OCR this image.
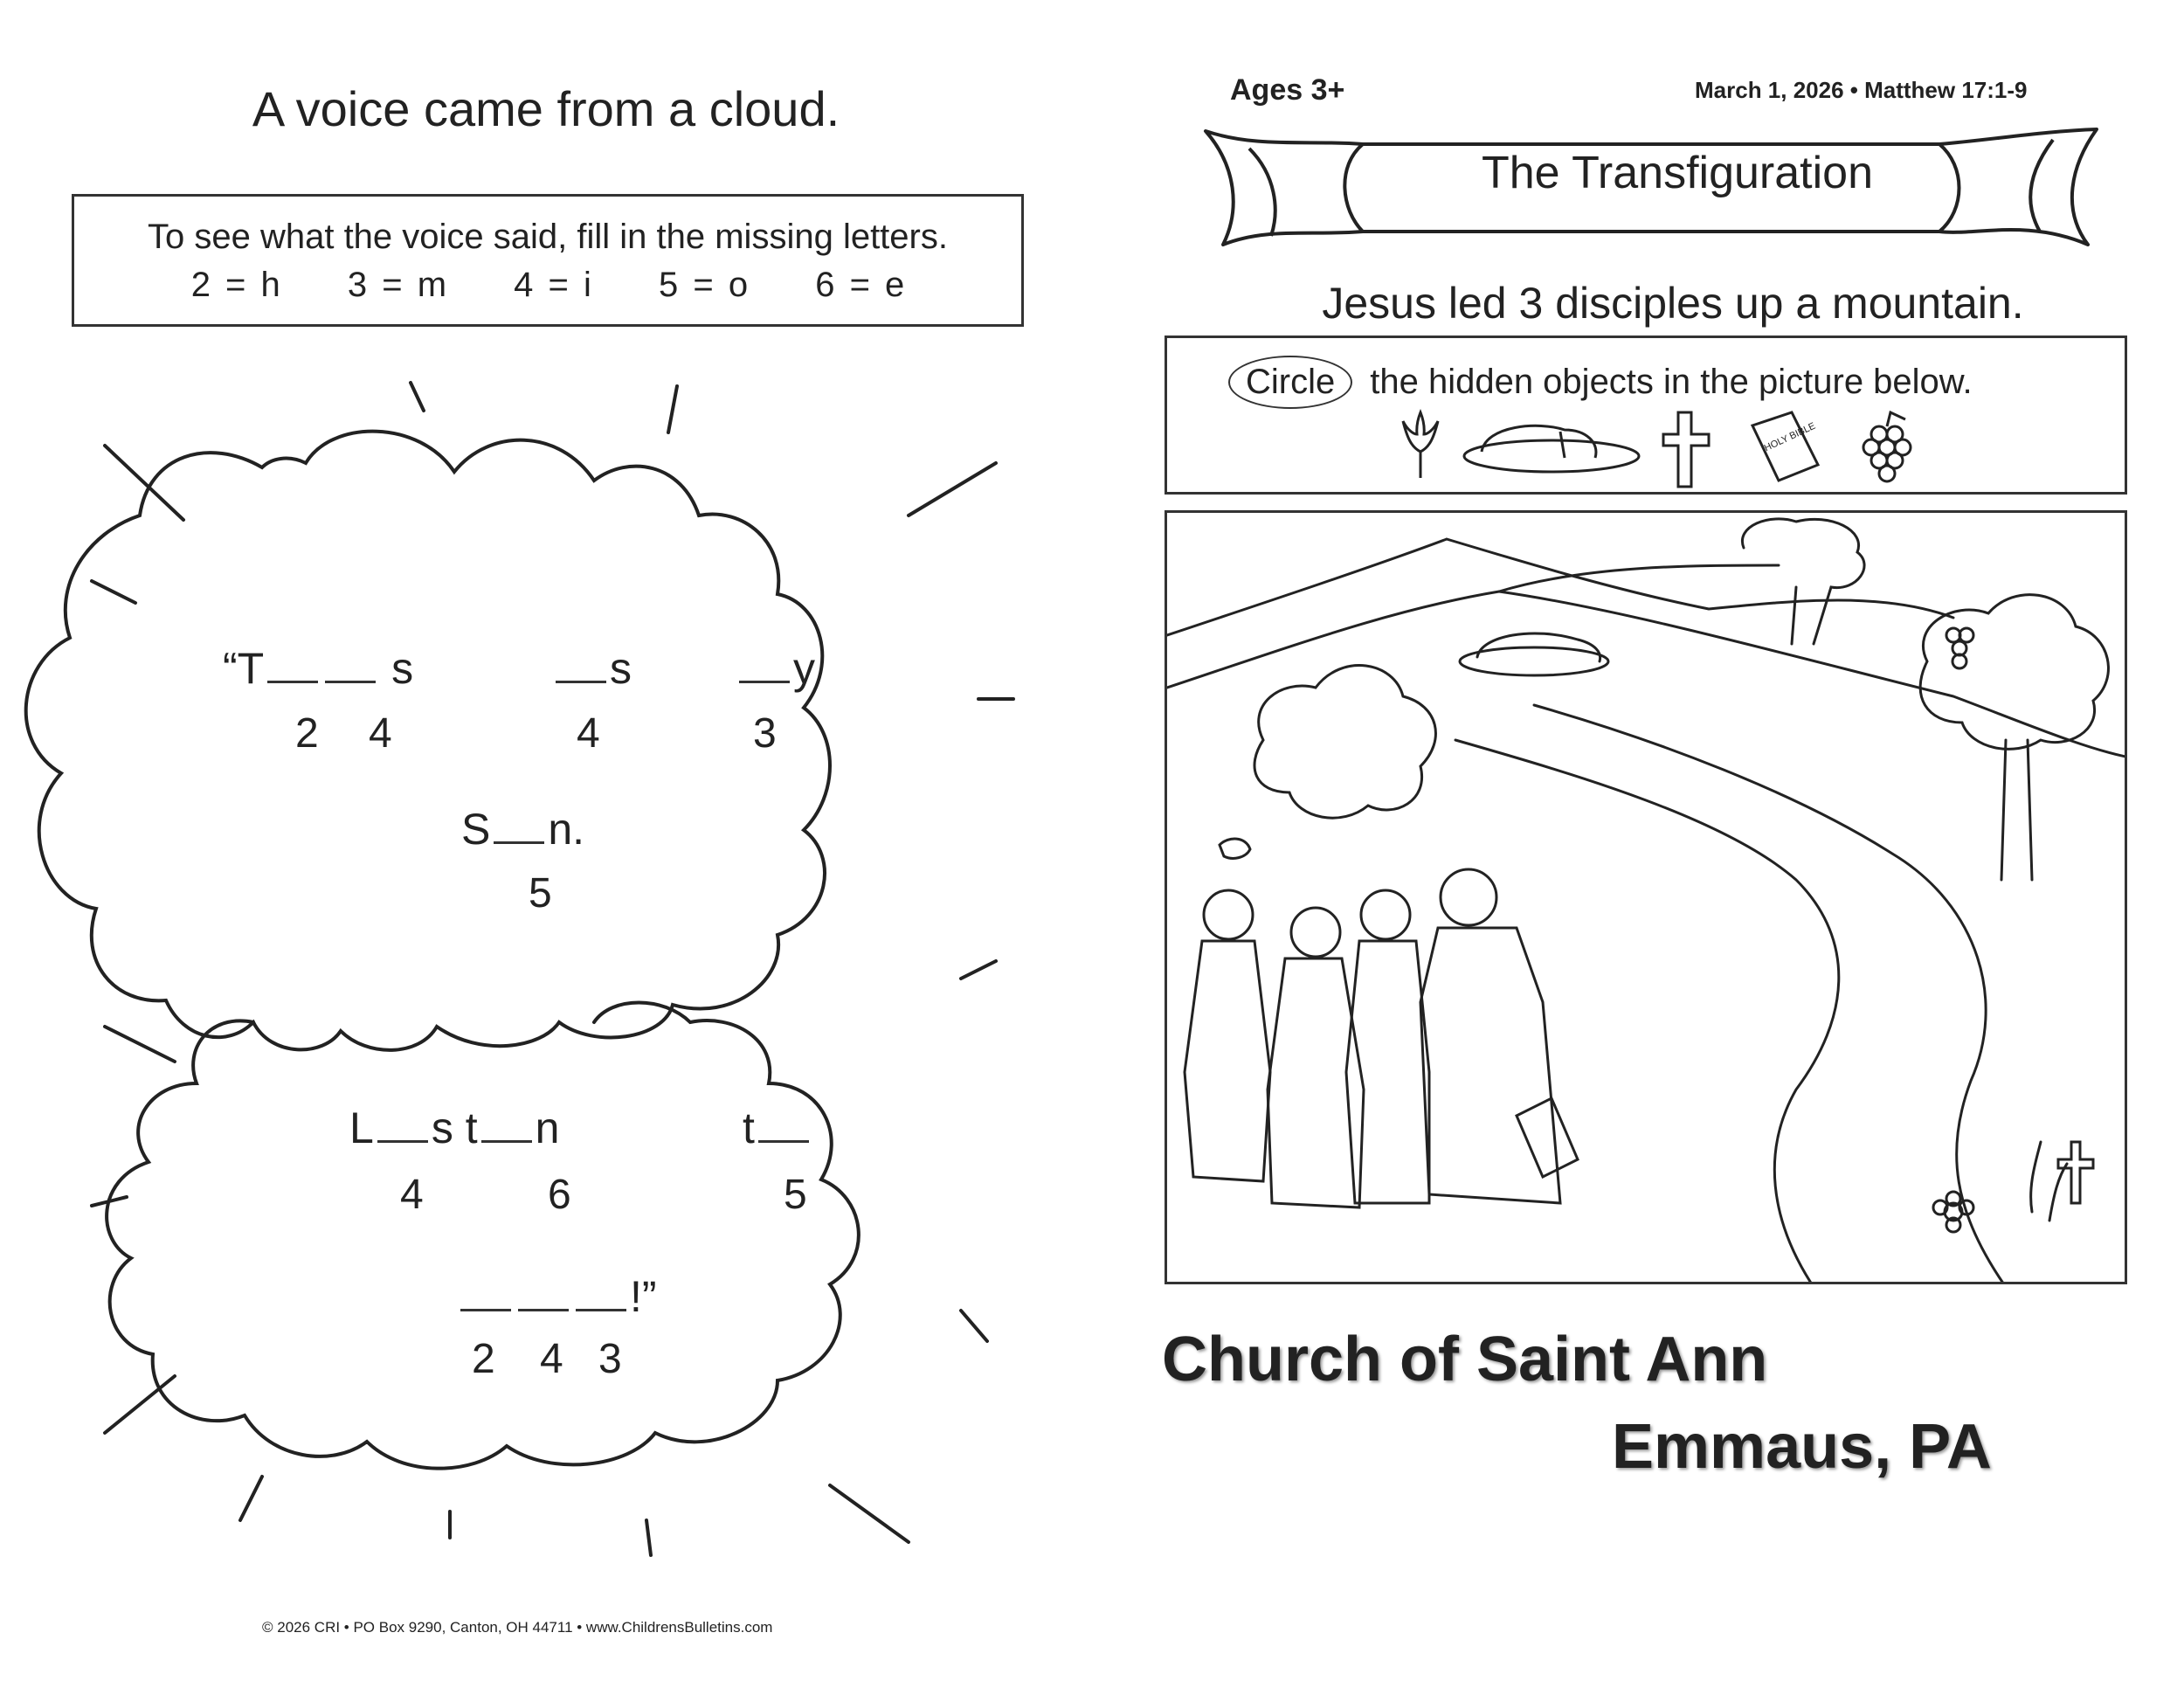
A voice came from a cloud.
To see what the voice said, fill in the missing letters.
2 = h 3 = m 4 = i 5 = o 6 = e
“T	s
2 4
s
4
y
3
S n.
5
L s t n
4	6
t
5
!”
2 4 3
© 2026 CRI • PO Box 9290, Canton, OH 44711 • www.ChildrensBulletins.com
Ages 3+	March 1, 2026 • Matthew 17:1-9
The Transfiguration
Jesus led 3 disciples up a mountain.
Circle the hidden objects in the picture below.
HOLY BIBLE
Church of Saint Ann
Emmaus, PA
